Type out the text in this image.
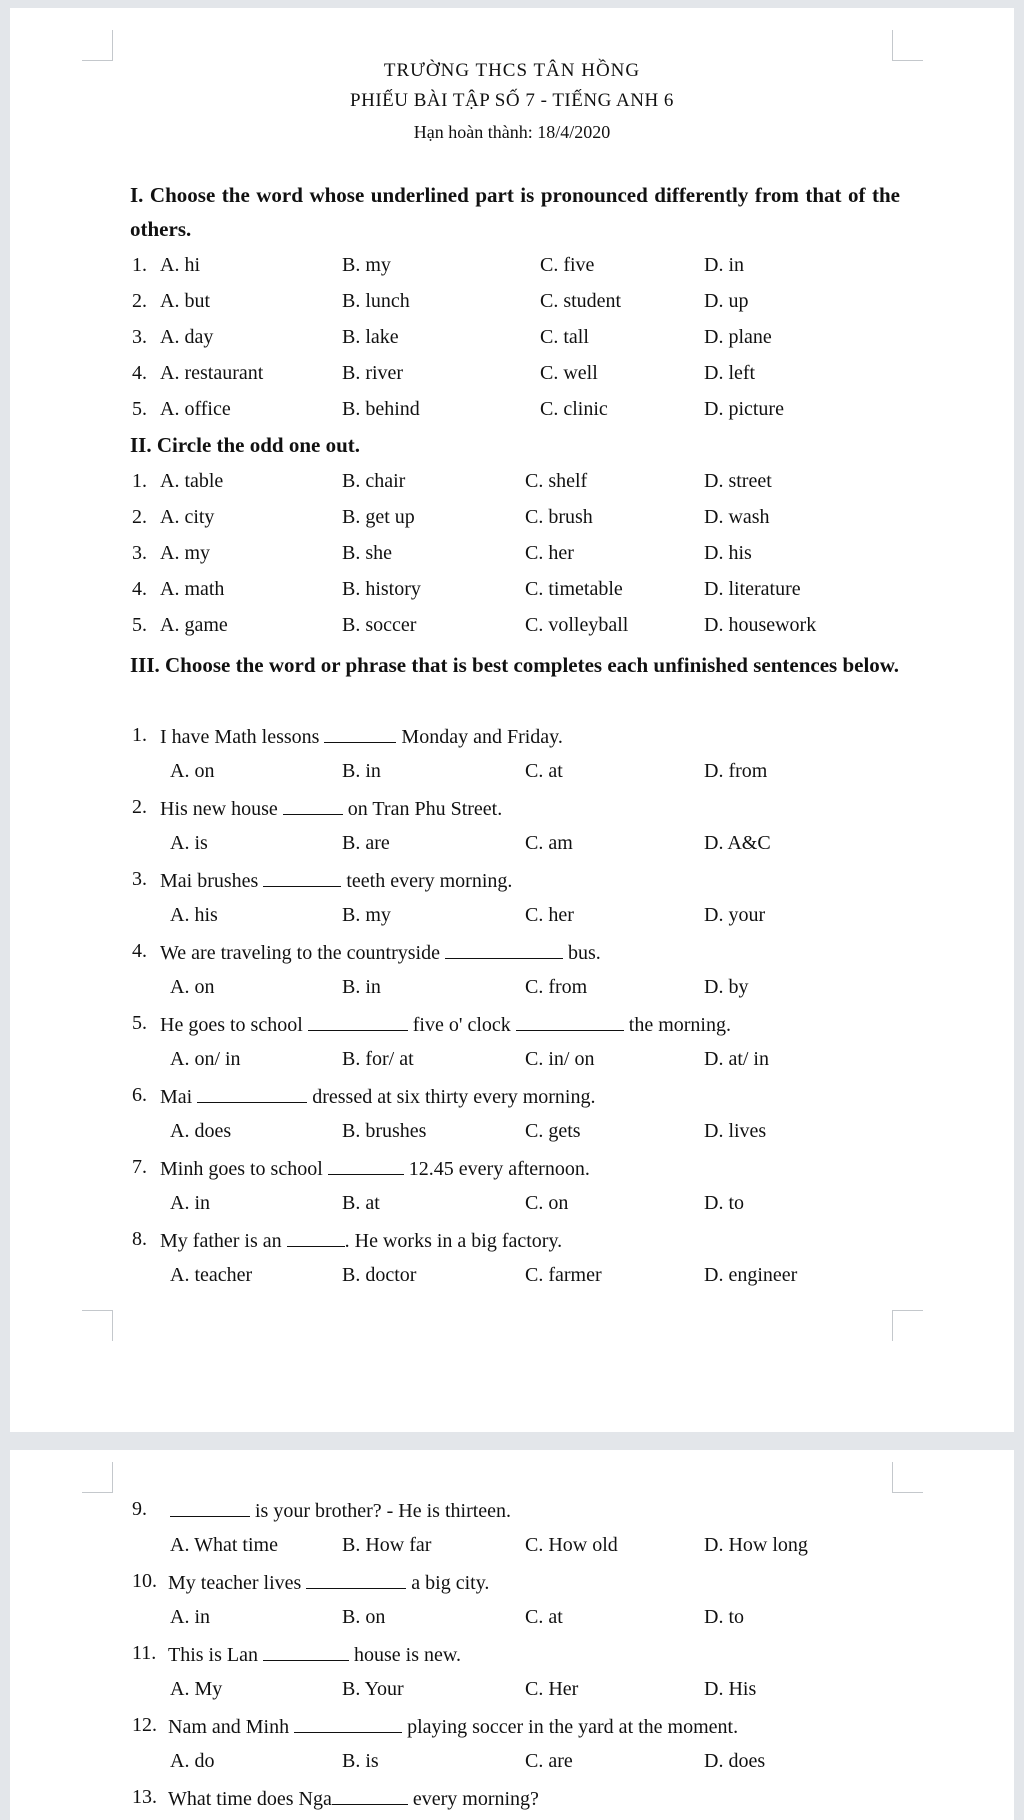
TRƯỜNG THCS TÂN HỒNG
PHIẾU BÀI TẬP SỐ 7 - TIẾNG ANH 6
Hạn hoàn thành: 18/4/2020
I. Choose the word whose underlined part is pronounced differently from that of the others.
1. A. hi	B. my	C. five	D. in
2. A. but	B. lunch	C. student	D. up
3. A. day	B. lake	C. tall	D. plane
4. A. restaurant	B. river	C. well	D. left
5. A. office	B. behind	C. clinic	D. picture
II. Circle the odd one out.
1. A. table	B. chair	C. shelf	D. street
2. A. city	B. get up	C. brush	D. wash
3. A. my	B. she	C. her	D. his
4. A. math	B. history	C. timetable	D. literature
5. A. game	B. soccer	C. volleyball	D. housework
III. Choose the word or phrase that is best completes each unfinished sentences below.
1. I have Math lessons	Monday and Friday.
A. on	B. in	C. at	D. from
2. His new house	on Tran Phu Street.
A. is	B. are	C. am	D. A&C
3. Mai brushes	teeth every morning.
A. his	B. my	C. her	D. your
4. We are traveling to the countryside	bus.
A. on	B. in	C. from	D. by
5. He goes to school	five o' clock	the morning.
A. on/ in	B. for/ at	C. in/ on	D. at/ in
6. Mai	dressed at six thirty every morning.
A. does	B. brushes	C. gets	D. lives
7. Minh goes to school	12.45 every afternoon.
A. in	B. at	C. on	D. to
8. My father is an	. He works in a big factory.
A. teacher	B. doctor	C. farmer	D. engineer
9.	is your brother? - He is thirteen.
A. What time	B. How far	C. How old	D. How long
10. My teacher lives	a big city.
A. in	B. on	C. at	D. to
11. This is Lan	house is new.
A. My	B. Your	C. Her	D. His
12. Nam and Minh	playing soccer in the yard at the moment.
A. do	B. is	C. are	D. does
13. What time does Nga	every morning?
